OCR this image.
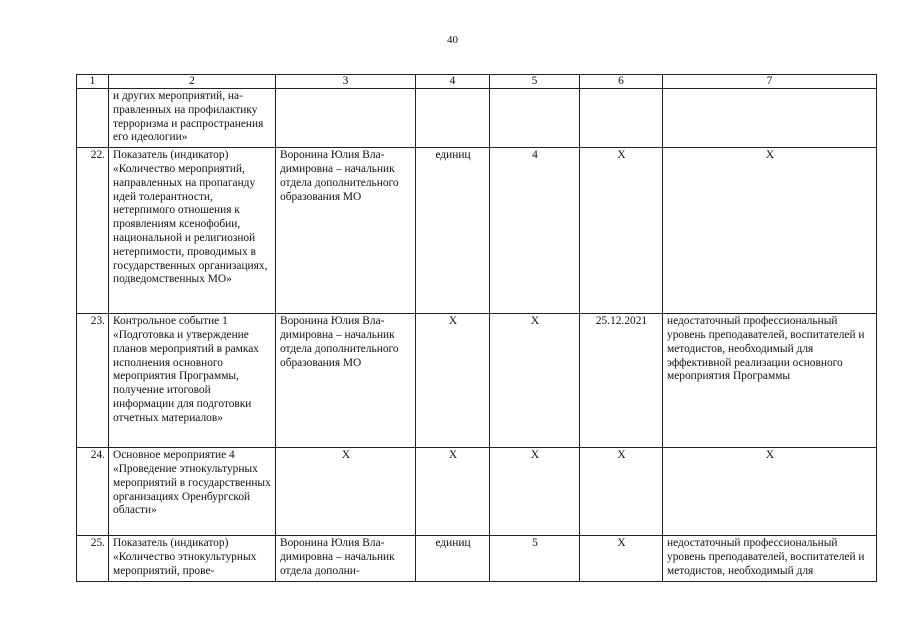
40
1	2	3	4	5	6	7
	и других мероприятий, направленных на профилактику терроризма и распространения его идеологии»					
22.	Показатель (индикатор) «Количество мероприятий, направленных на пропаганду идей толерантности, нетерпимого отношения к проявлениям ксенофобии, национальной и религиозной нетерпимости, проводимых в государственных организациях, подведомственных МО»	Воронина Юлия Владимировна – начальник отдела дополнительного образования МО	единиц	4	Х	Х
23.	Контрольное событие 1 «Подготовка и утверждение планов мероприятий в рамках исполнения основного мероприятия Программы, получение итоговой информации для подготовки отчетных материалов»	Воронина Юлия Владимировна – начальник отдела дополнительного образования МО	Х	Х	25.12.2021	недостаточный профессиональный уровень преподавателей, воспитателей и методистов, необходимый для эффективной реализации основного мероприятия Программы
24.	Основное мероприятие 4 «Проведение этнокультурных мероприятий в государственных организациях Оренбургской области»	Х	Х	Х	Х	Х
25.	Показатель (индикатор) «Количество этнокультурных мероприятий, прове-	Воронина Юлия Владимировна – начальник отдела дополни-	единиц	5	Х	недостаточный профессиональный уровень преподавателей, воспитателей и методистов, необходимый для
